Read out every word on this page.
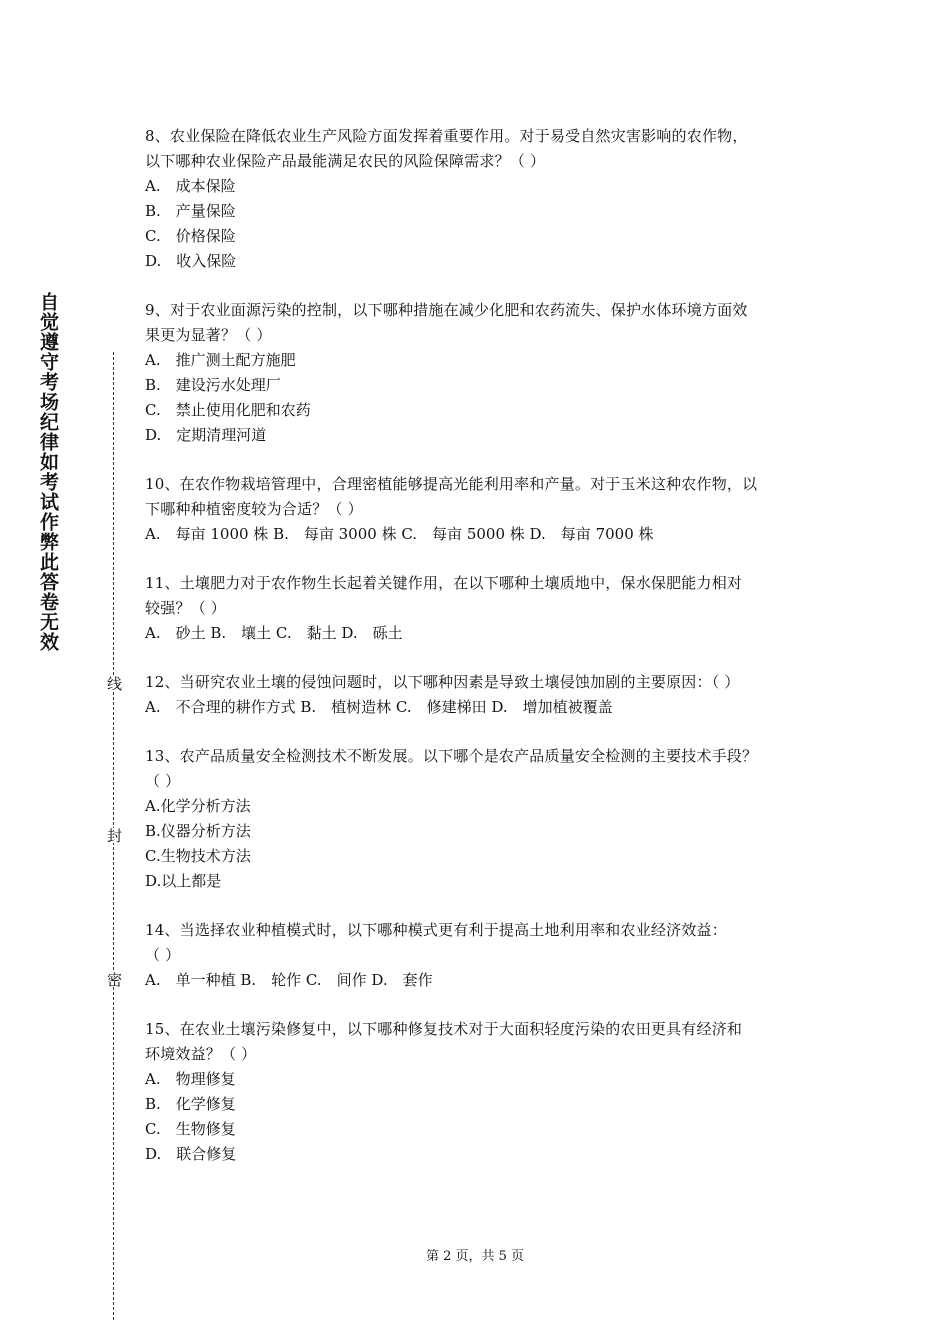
自觉遵守考场纪律如考试作弊此答卷无效
线
封
密

8、农业保险在降低农业生产风险方面发挥着重要作用。对于易受自然灾害影响的农作物，

以下哪种农业保险产品最能满足农民的风险保障需求？（ ）

A.　成本保险

B.　产量保险

C.　价格保险

D.　收入保险

9、对于农业面源污染的控制，以下哪种措施在减少化肥和农药流失、保护水体环境方面效

果更为显著？（ ）

A.　推广测土配方施肥

B.　建设污水处理厂

C.　禁止使用化肥和农药

D.　定期清理河道

10、在农作物栽培管理中，合理密植能够提高光能利用率和产量。对于玉米这种农作物，以

下哪种种植密度较为合适？（ ）

A.　每亩 1000 株 B.　每亩 3000 株 C.　每亩 5000 株 D.　每亩 7000 株

11、土壤肥力对于农作物生长起着关键作用，在以下哪种土壤质地中，保水保肥能力相对

较强？（ ）

A.　砂土 B.　壤土 C.　黏土 D.　砾土

12、当研究农业土壤的侵蚀问题时，以下哪种因素是导致土壤侵蚀加剧的主要原因：（ ）

A.　不合理的耕作方式 B.　植树造林 C.　修建梯田 D.　增加植被覆盖

13、农产品质量安全检测技术不断发展。以下哪个是农产品质量安全检测的主要技术手段？

（ ）

A.化学分析方法

B.仪器分析方法

C.生物技术方法

D.以上都是

14、当选择农业种植模式时，以下哪种模式更有利于提高土地利用率和农业经济效益：

（ ）

A.　单一种植 B.　轮作 C.　间作 D.　套作

15、在农业土壤污染修复中，以下哪种修复技术对于大面积轻度污染的农田更具有经济和

环境效益？（ ）

A.　物理修复

B.　化学修复

C.　生物修复

D.　联合修复

第 2 页，共 5 页
